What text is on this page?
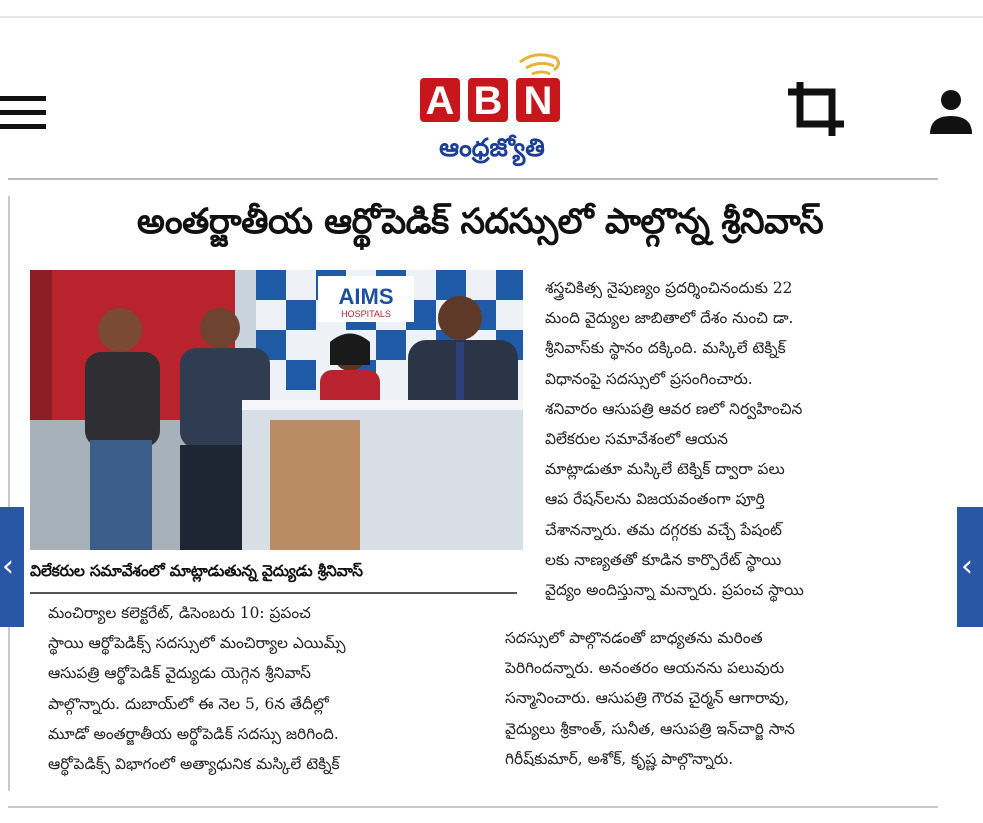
A B N
ఆంధ్రజ్యోతి
అంతర్జాతీయ ఆర్థోపెడిక్ సదస్సులో పాల్గొన్న శ్రీనివాస్
AIMS
HOSPITALS
విలేకరుల సమావేశంలో మాట్లాడుతున్న వైద్యుడు శ్రీనివాస్

మంచిర్యాల కలెక్టరేట్, డిసెంబరు 10: ప్రపంచ

స్థాయి ఆర్థోపెడిక్స్ సదస్సులో మంచిర్యాల ఎయిమ్స్

ఆసుపత్రి ఆర్థోపెడిక్ వైద్యుడు యెగ్గెన శ్రీనివాస్

పాల్గొన్నారు. దుబాయ్‌లో ఈ నెల 5, 6న తేదీల్లో

మూడో అంతర్జాతీయ అర్థోపెడిక్ సదస్సు జరిగింది.

ఆర్థోపెడిక్స్ విభాగంలో అత్యాధునిక మస్కిలే టెక్నిక్

శస్త్రచికిత్స నైపుణ్యం ప్రదర్శించినందుకు 22

మంది వైద్యుల జాబితాలో దేశం నుంచి డా.

శ్రీనివాస్‌కు స్థానం దక్కింది. మస్కిలే టెక్నిక్

విధానంపై సదస్సులో ప్రసంగించారు.

శనివారం ఆసుపత్రి ఆవర ణలో నిర్వహించిన

విలేకరుల సమావేశంలో ఆయన

మాట్లాడుతూ మస్కిలే టెక్నిక్ ద్వారా పలు

ఆప రేషన్‌లను విజయవంతంగా పూర్తి

చేశానన్నారు. తమ దగ్గరకు వచ్చే పేషంట్

లకు నాణ్యతతో కూడిన కార్పొరేట్ స్థాయి

వైద్యం అందిస్తున్నా మన్నారు. ప్రపంచ స్థాయి

సదస్సులో పాల్గొనడంతో బాధ్యతను మరింత

పెరిగిందన్నారు. అనంతరం ఆయనను పలువురు

సన్మానించారు. ఆసుపత్రి గౌరవ చైర్మన్ ఆగారావు,

వైద్యులు శ్రీకాంత్, సునీత, ఆసుపత్రి ఇన్‌చార్జి సాన

గిరీష్‌కుమార్, అశోక్, కృష్ణ పాల్గొన్నారు.

‹	‹
